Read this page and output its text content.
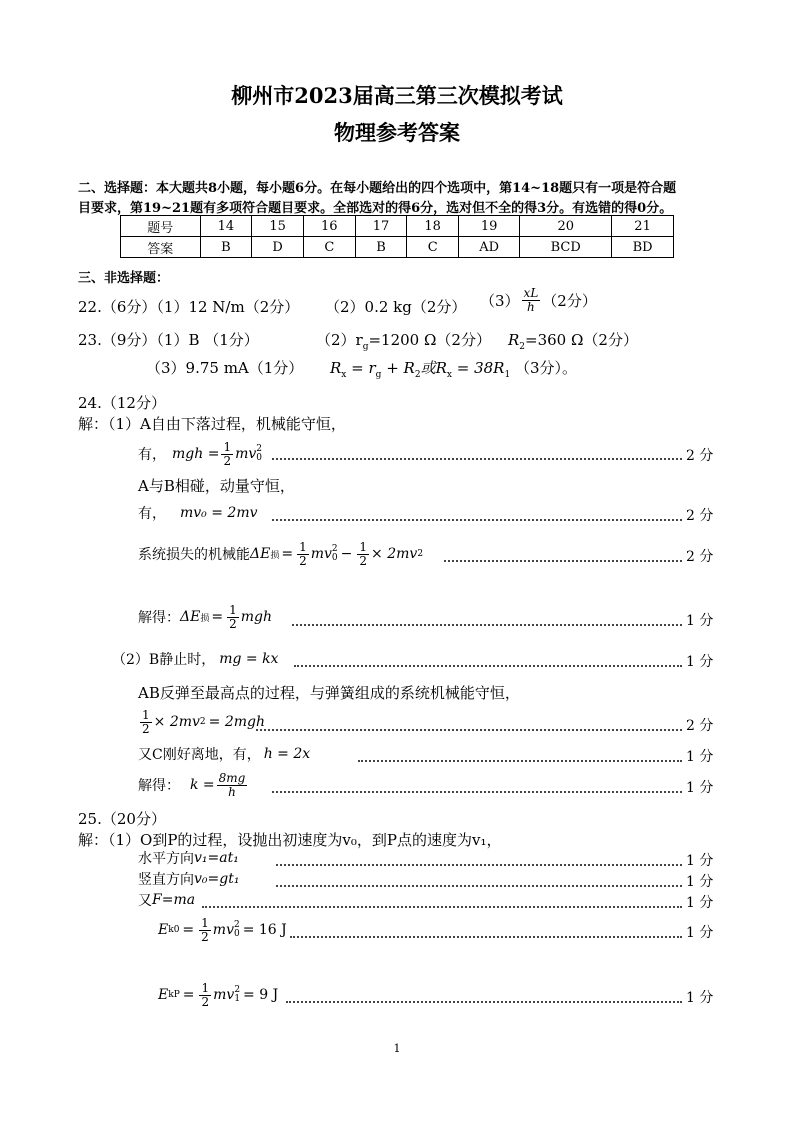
柳州市2023届高三第三次模拟考试
物理参考答案
二、选择题：本大题共8小题，每小题6分。在每小题给出的四个选项中，第14~18题只有一项是符合题
目要求，第19~21题有多项符合题目要求。全部选对的得6分，选对但不全的得3分。有选错的得0分。
题号	14	15	16	17	18	19	20	21
答案	B	D	C	B	C	AD	BCD	BD
三、非选择题：
22.（6分）（1）12 N/m（2分） （2）0.2 kg（2分） $(3) \frac{xL}{h} (2$分）
23.（9分）（1）B （1分）	$(2)r_g=1200$ Ω（2分） $R_2=360$ Ω（2分）
（3）9.75 mA（1分） $R_x = r_g + R_2$或$R_x = 38R_1$ （3分）。
24.（12分）
解：（1）A自由下落过程，机械能守恒，
有， mgh = $\frac{1}{2}$ mv 2
0	2 分
A与B相碰，动量守恒，
有， mv₀ = 2mv	2 分
系统损失的机械能 ΔE 损 = $\frac{1}{2}$ mv 2
$0 - \frac{1}{2} \times 2mv$ 2	2 分
解得： ΔE 损 = $\frac{1}{2}$ mgh	1 分
（2）B静止时， mg = kx	1 分
AB反弹至最高点的过程，与弹簧组成的系统机械能守恒，
$\frac{1}{2} \times 2mv$ 2 = 2mgh	2 分
又C刚好离地，有， h = 2x	1 分
解得： $k = \frac{8mg}{h}$	1 分
25.（20分）
解：（1）O到P的过程，设抛出初速度为v₀，到P点的速度为v₁，
水平方向 v₁=at₁	1 分
竖直方向 v₀=gt₁	1 分
又 F=ma	1 分
E $k0 = \frac{1}{2}$ mv 2
0 = 16 J	1 分
E kP = $\frac{1}{2}$ mv 2
1 = 9 J	1 分
1
